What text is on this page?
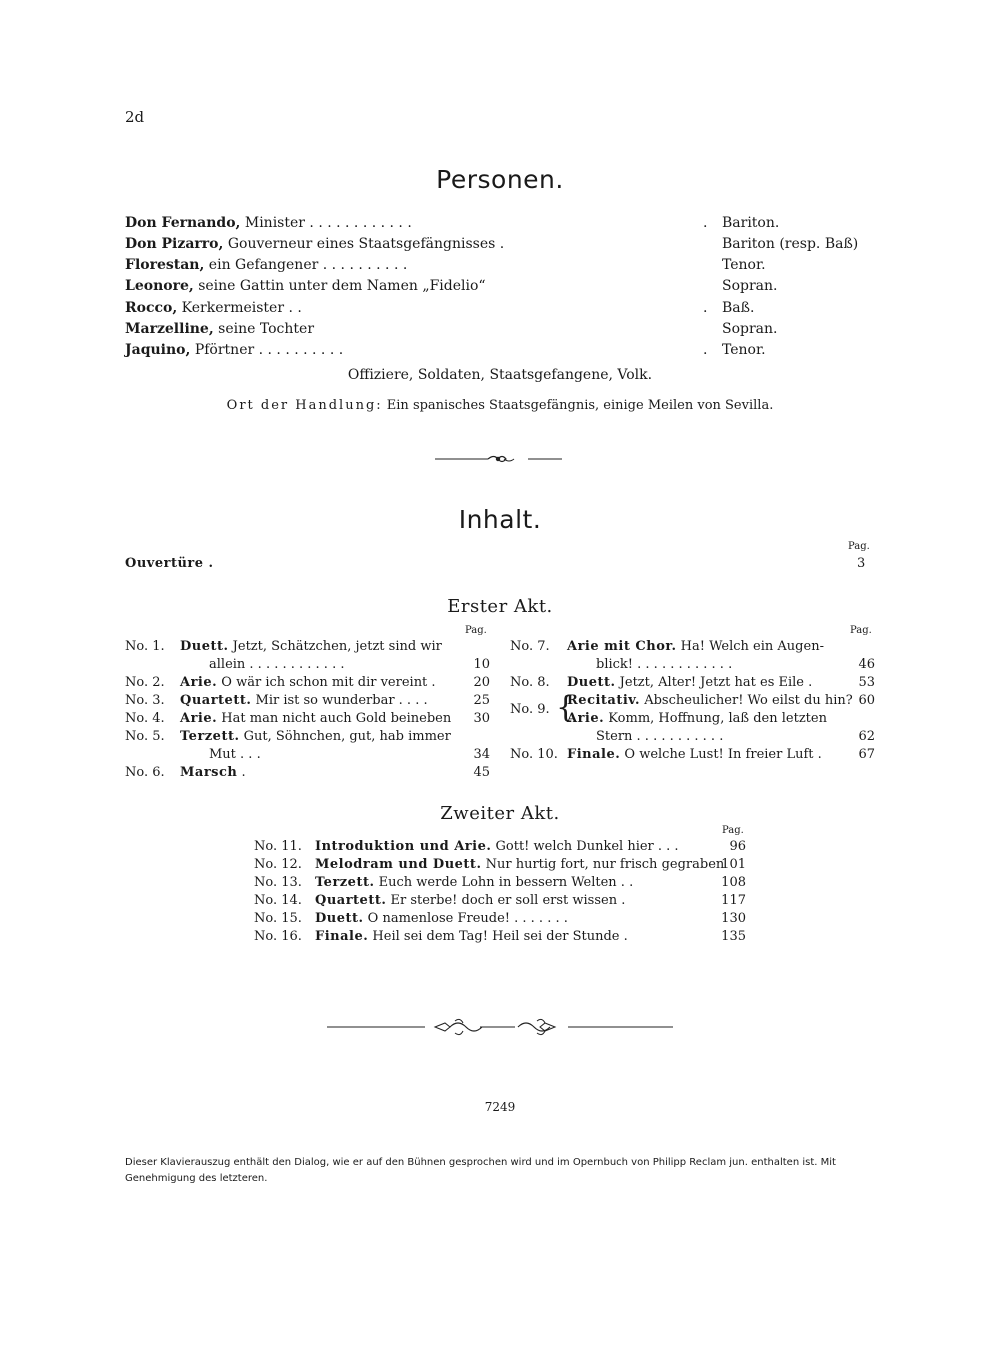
2d
Personen.
Don Fernando, Minister . . . . . . . . . . . .	. Bariton.
Don Pizarro, Gouverneur eines Staatsgefängnisses .	Bariton (resp. Baß)
Florestan, ein Gefangener . . . . . . . . . .	Tenor.
Leonore, seine Gattin unter dem Namen „Fidelio“	Sopran.
Rocco, Kerkermeister . .	. Baß.
Marzelline, seine Tochter	Sopran.
Jaquino, Pförtner . . . . . . . . . .	. Tenor.
Offiziere, Soldaten, Staatsgefangene, Volk.
Ort der Handlung: Ein spanisches Staatsgefängnis, einige Meilen von Sevilla.
Inhalt.
Pag.
Ouvertüre .	3
Erster Akt.
Pag.	Pag.
No. 1. Duett. Jetzt, Schätzchen, jetzt sind wir
allein . . . . . . . . . . . .	10
No. 2. Arie. O wär ich schon mit dir vereint .	20
No. 3. Quartett. Mir ist so wunderbar . . . .	25
No. 4. Arie. Hat man nicht auch Gold beineben	30
No. 5. Terzett. Gut, Söhnchen, gut, hab immer
Mut . . .	34
No. 6. Marsch .	45
No. 7. Arie mit Chor. Ha! Welch ein Augen-
blick! . . . . . . . . . . . .	46
No. 8. Duett. Jetzt, Alter! Jetzt hat es Eile .	53
No. 9. {
Recitativ. Abscheulicher! Wo eilst du hin? 60
Arie. Komm, Hoffnung, laß den letzten
Stern . . . . . . . . . . .	62
No. 10. Finale. O welche Lust! In freier Luft .	67
Zweiter Akt.
Pag.
No. 11. Introduktion und Arie. Gott! welch Dunkel hier . . .	96
No. 12. Melodram und Duett. Nur hurtig fort, nur frisch gegraben
101
No. 13. Terzett. Euch werde Lohn in bessern Welten . .	108
No. 14. Quartett. Er sterbe! doch er soll erst wissen .	117
No. 15. Duett. O namenlose Freude! . . . . . . .	130
No. 16. Finale. Heil sei dem Tag! Heil sei der Stunde .	135
7249
Dieser Klavierauszug enthält den Dialog, wie er auf den Bühnen gesprochen wird und im Opernbuch von Philipp Reclam jun. enthalten ist. Mit Genehmigung des letzteren.
